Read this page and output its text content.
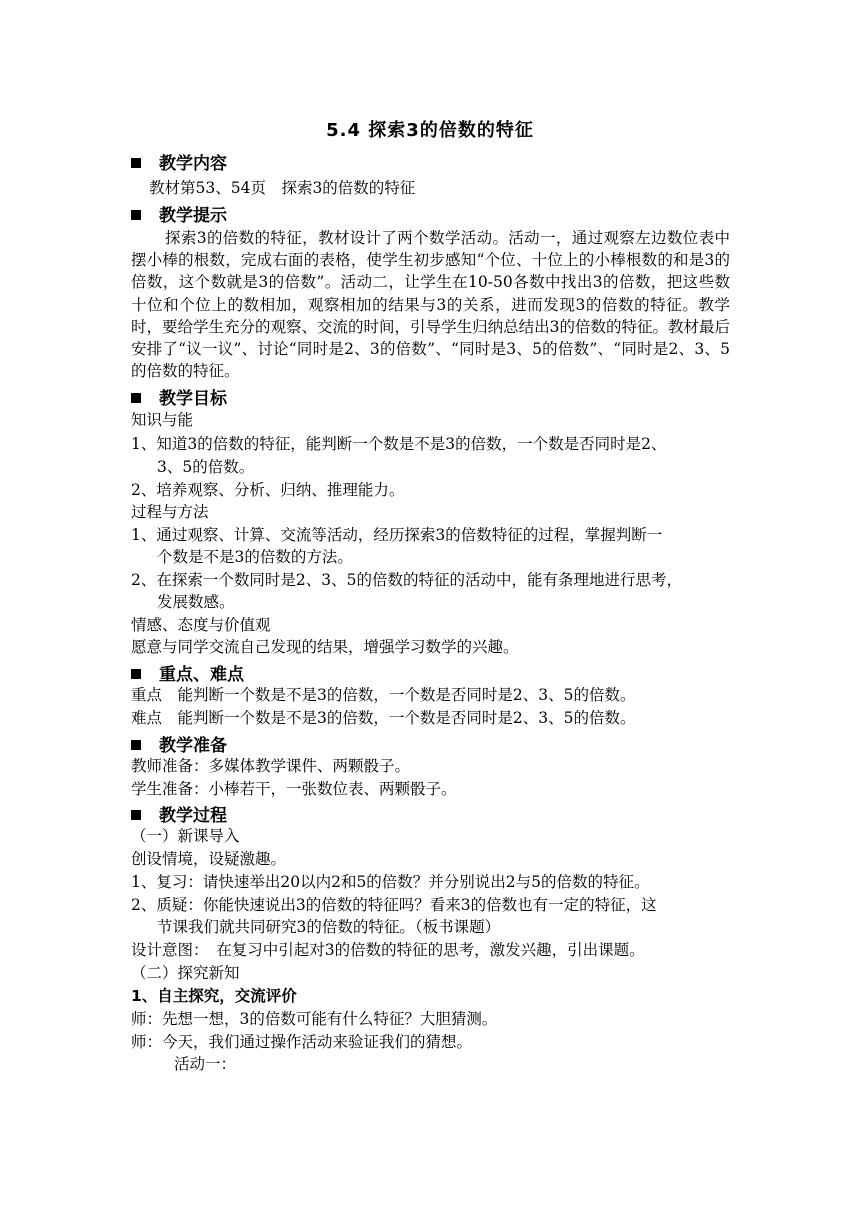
5.4 探索3的倍数的特征
教学内容
教材第53、54页　探索3的倍数的特征
教学提示
探索3的倍数的特征，教材设计了两个数学活动。活动一，通过观察左边数位表中摆小棒的根数，完成右面的表格，使学生初步感知“个位、十位上的小棒根数的和是3的倍数，这个数就是3的倍数”。活动二，让学生在10-50各数中找出3的倍数，把这些数十位和个位上的数相加，观察相加的结果与3的关系，进而发现3的倍数的特征。教学时，要给学生充分的观察、交流的时间，引导学生归纳总结出3的倍数的特征。教材最后安排了“议一议”、讨论“同时是2、3的倍数”、“同时是3、5的倍数”、“同时是2、3、5的倍数的特征。
教学目标
知识与能
1、知道3的倍数的特征，能判断一个数是不是3的倍数，一个数是否同时是2、
3、5的倍数。
2、培养观察、分析、归纳、推理能力。
过程与方法
1、通过观察、计算、交流等活动，经历探索3的倍数特征的过程，掌握判断一
个数是不是3的倍数的方法。
2、在探索一个数同时是2、3、5的倍数的特征的活动中，能有条理地进行思考，
发展数感。
情感、态度与价值观
愿意与同学交流自己发现的结果，增强学习数学的兴趣。
重点、难点
重点　能判断一个数是不是3的倍数，一个数是否同时是2、3、5的倍数。
难点　能判断一个数是不是3的倍数，一个数是否同时是2、3、5的倍数。
教学准备
教师准备：多媒体教学课件、两颗骰子。
学生准备：小棒若干，一张数位表、两颗骰子。
教学过程
（一）新课导入
创设情境，设疑激趣。
1、复习：请快速举出20以内2和5的倍数？并分别说出2与5的倍数的特征。
2、质疑：你能快速说出3的倍数的特征吗？看来3的倍数也有一定的特征，这
节课我们就共同研究3的倍数的特征。（板书课题）
设计意图：　在复习中引起对3的倍数的特征的思考，激发兴趣，引出课题。
（二）探究新知
1、自主探究，交流评价
师：先想一想，3的倍数可能有什么特征？大胆猜测。
师：今天，我们通过操作活动来验证我们的猜想。
活动一：
